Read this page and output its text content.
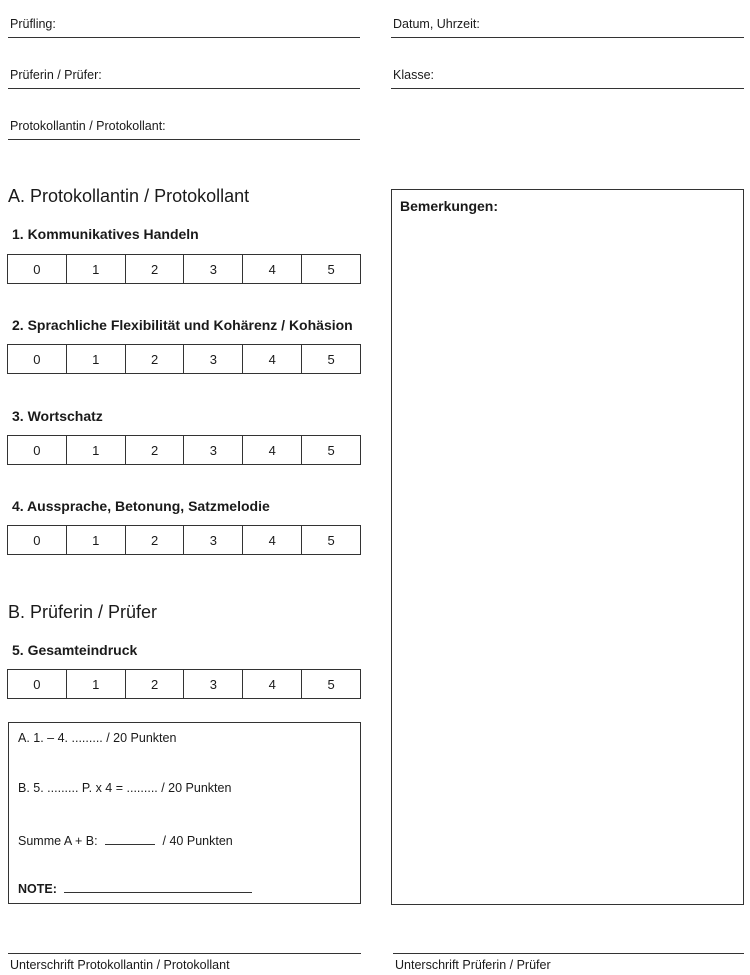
Prüfling:	Datum, Uhrzeit:
Prüferin / Prüfer:	Klasse:
Protokollantin / Protokollant:
A. Protokollantin / Protokollant
1. Kommunikatives Handeln
0	1	2	3	4	5
2. Sprachliche Flexibilität und Kohärenz / Kohäsion
0	1	2	3	4	5
3. Wortschatz
0	1	2	3	4	5
4. Aussprache, Betonung, Satzmelodie
0	1	2	3	4	5
B. Prüferin / Prüfer
5. Gesamteindruck
0	1	2	3	4	5
A. 1. – 4. ......... / 20 Punkten
B. 5. ......... P. x 4 = ......... / 20 Punkten
Summe A + B:	/ 40 Punkten
NOTE:
Bemerkungen:
Unterschrift Protokollantin / Protokollant	Unterschrift Prüferin / Prüfer
